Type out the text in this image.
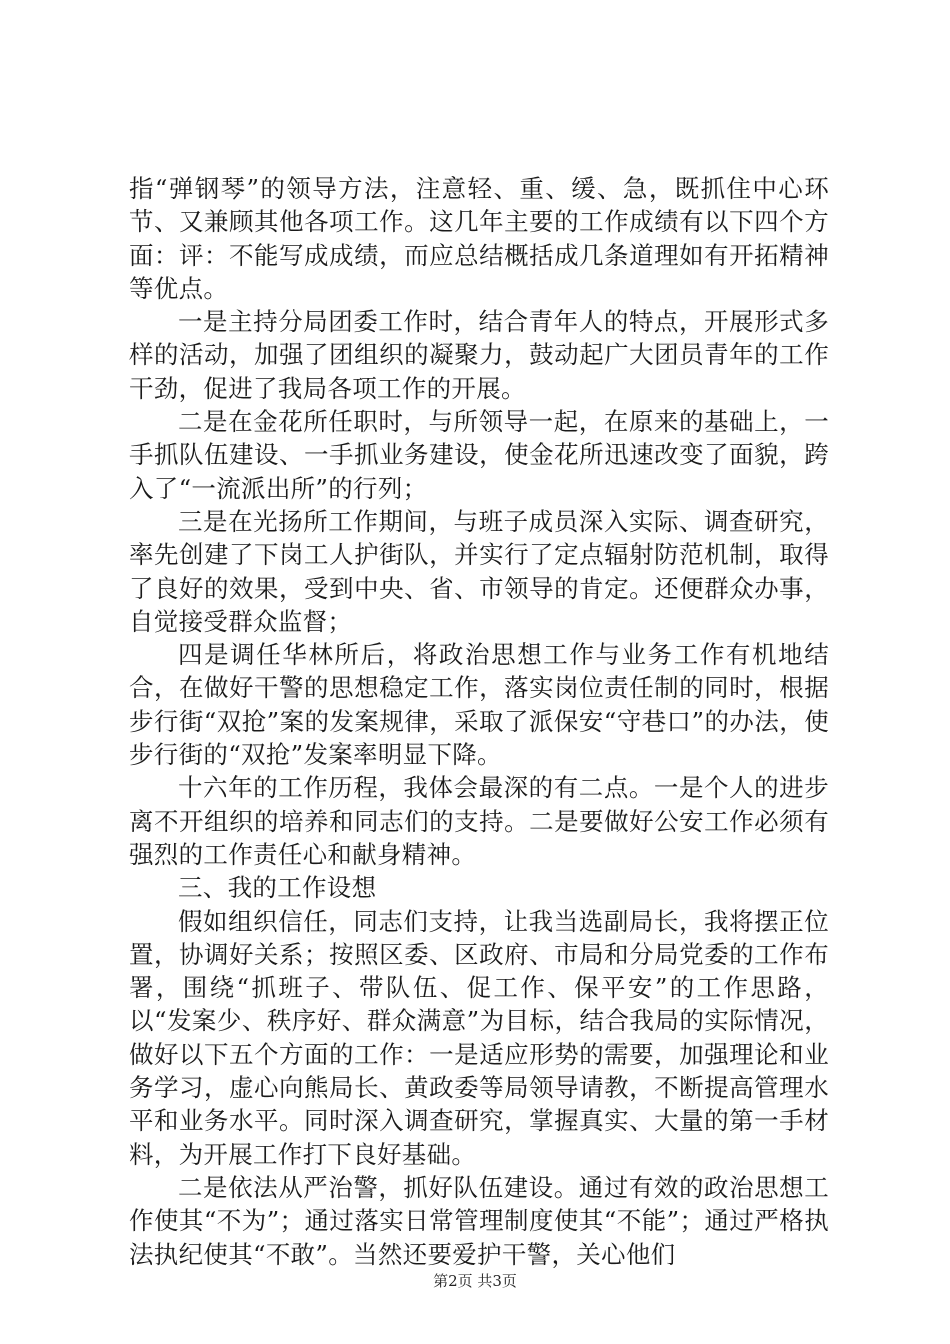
指“弹钢琴”的领导方法，注意轻、重、缓、急，既抓住中心环节、又兼顾其他各项工作。这几年主要的工作成绩有以下四个方面：评：不能写成成绩，而应总结概括成几条道理如有开拓精神等优点。

一是主持分局团委工作时，结合青年人的特点，开展形式多样的活动，加强了团组织的凝聚力，鼓动起广大团员青年的工作干劲，促进了我局各项工作的开展。

二是在金花所任职时，与所领导一起，在原来的基础上，一手抓队伍建设、一手抓业务建设，使金花所迅速改变了面貌，跨入了“一流派出所”的行列；

三是在光扬所工作期间，与班子成员深入实际、调查研究，率先创建了下岗工人护街队，并实行了定点辐射防范机制，取得了良好的效果，受到中央、省、市领导的肯定。还便群众办事，自觉接受群众监督；

四是调任华林所后，将政治思想工作与业务工作有机地结合，在做好干警的思想稳定工作，落实岗位责任制的同时，根据步行街“双抢”案的发案规律，采取了派保安“守巷口”的办法，使步行街的“双抢”发案率明显下降。

十六年的工作历程，我体会最深的有二点。一是个人的进步离不开组织的培养和同志们的支持。二是要做好公安工作必须有强烈的工作责任心和献身精神。

三、我的工作设想

假如组织信任，同志们支持，让我当选副局长，我将摆正位置，协调好关系；按照区委、区政府、市局和分局党委的工作布署，围绕“抓班子、带队伍、促工作、保平安”的工作思路，以“发案少、秩序好、群众满意”为目标，结合我局的实际情况，做好以下五个方面的工作：一是适应形势的需要，加强理论和业务学习，虚心向熊局长、黄政委等局领导请教，不断提高管理水平和业务水平。同时深入调查研究，掌握真实、大量的第一手材料，为开展工作打下良好基础。

二是依法从严治警，抓好队伍建设。通过有效的政治思想工作使其“不为”；通过落实日常管理制度使其“不能”；通过严格执法执纪使其“不敢”。当然还要爱护干警，关心他们

第2页 共3页
